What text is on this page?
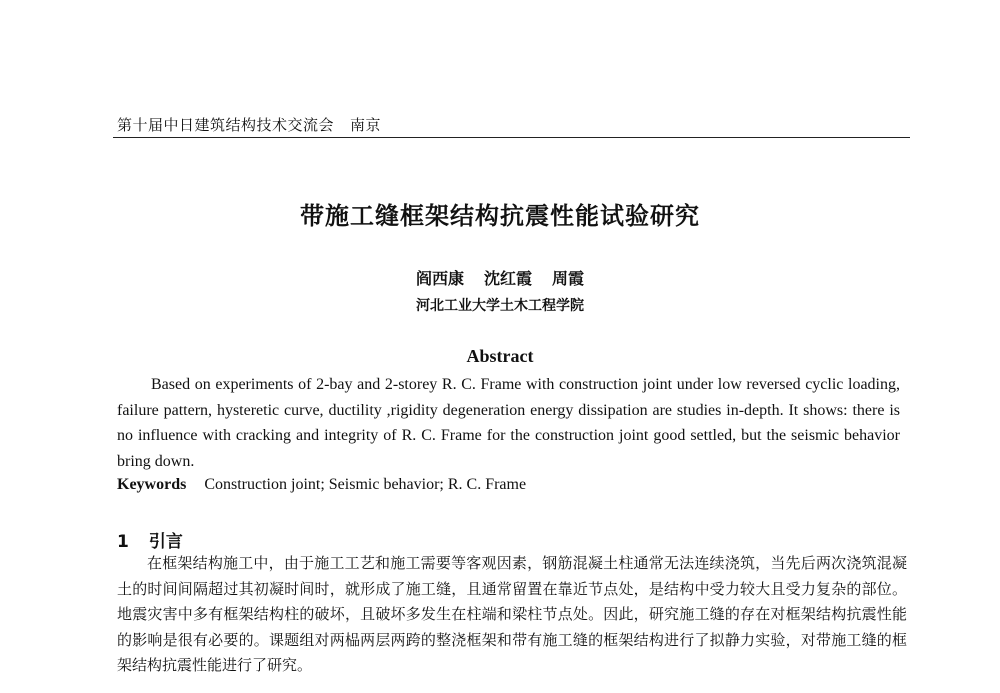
第十届中日建筑结构技术交流会 南京
带施工缝框架结构抗震性能试验研究
阎西康 沈红霞 周霞
河北工业大学土木工程学院
Abstract
Based on experiments of 2-bay and 2-storey R. C. Frame with construction joint under low reversed cyclic loading, failure pattern, hysteretic curve, ductility ,rigidity degeneration energy dissipation are studies in-depth. It shows: there is no influence with cracking and integrity of R. C. Frame for the construction joint good settled, but the seismic behavior bring down.
Keywords Construction joint; Seismic behavior; R. C. Frame
1 引言
在框架结构施工中，由于施工工艺和施工需要等客观因素，钢筋混凝土柱通常无法连续浇筑，当先后两次浇筑混凝土的时间间隔超过其初凝时间时，就形成了施工缝，且通常留置在靠近节点处，是结构中受力较大且受力复杂的部位。地震灾害中多有框架结构柱的破坏，且破坏多发生在柱端和梁柱节点处。因此，研究施工缝的存在对框架结构抗震性能的影响是很有必要的。课题组对两榀两层两跨的整浇框架和带有施工缝的框架结构进行了拟静力实验，对带施工缝的框架结构抗震性能进行了研究。
